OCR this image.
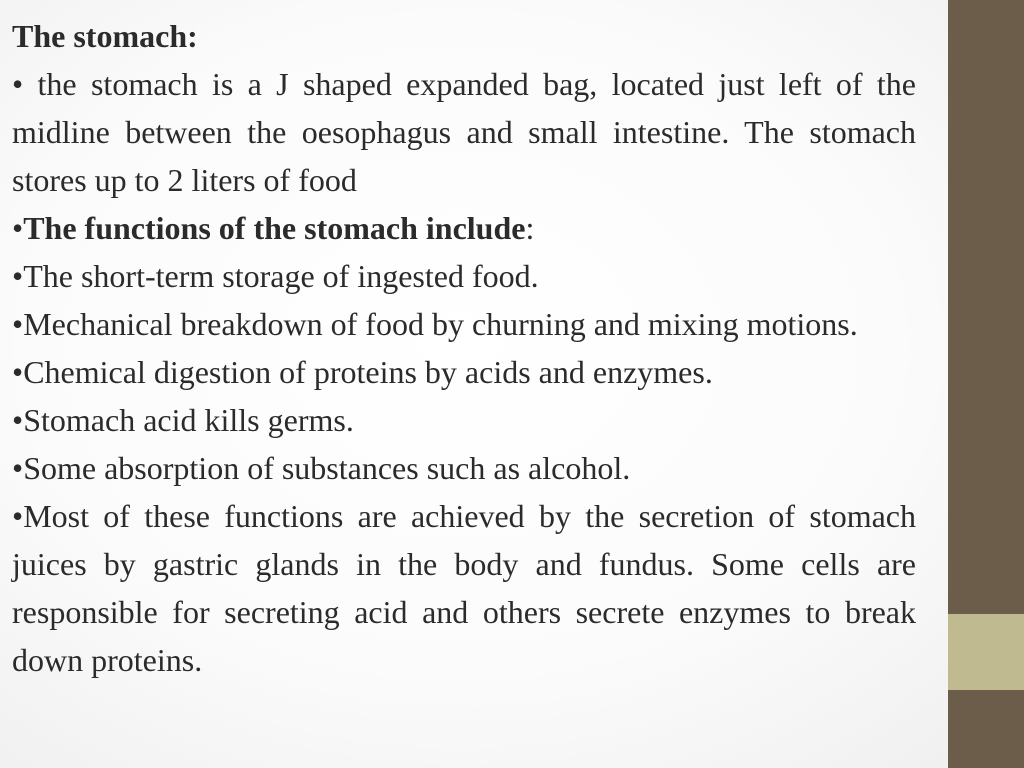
The stomach:

• the stomach is a J shaped expanded bag, located just left of the midline between the oesophagus and small intestine. The stomach stores up to 2 liters of food

•The functions of the stomach include:

•The short-term storage of ingested food.

•Mechanical breakdown of food by churning and mixing motions.

•Chemical digestion of proteins by acids and enzymes.

•Stomach acid kills germs.

•Some absorption of substances such as alcohol.

•Most of these functions are achieved by the secretion of stomach juices by gastric glands in the body and fundus. Some cells are responsible for secreting acid and others secrete enzymes to break down proteins.
